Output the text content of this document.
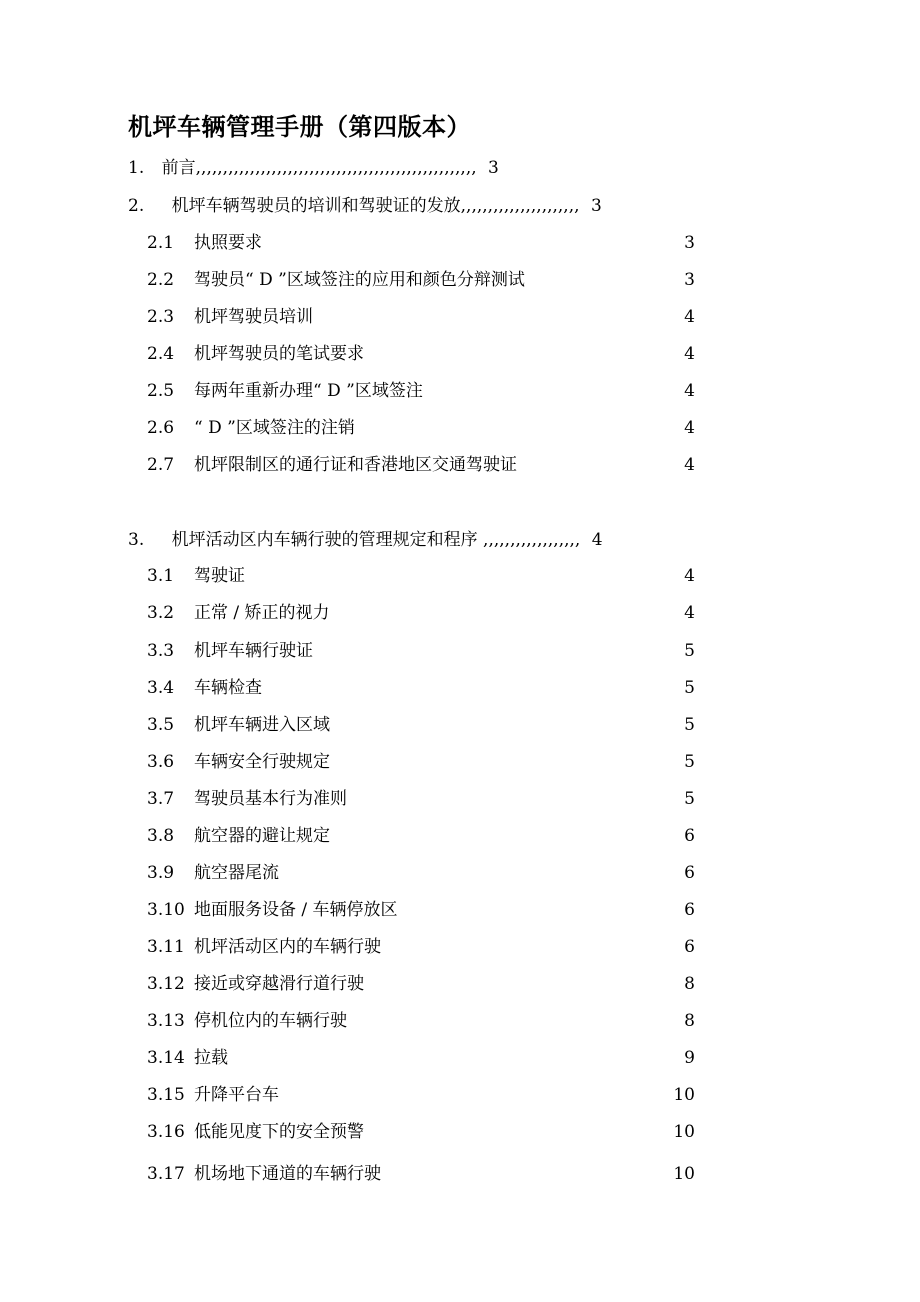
机坪车辆管理手册（第四版本）
1. 前言,,,,,,,,,,,,,,,,,,,,,,,,,,,,,,,,,,,,,,,,,,,,,,,,,,,, 3
2. 机坪车辆驾驶员的培训和驾驶证的发放,,,,,,,,,,,,,,,,,,,,,, 3
2.1 执照要求	3
2.2 驾驶员“ D ”区域签注的应用和颜色分辩测试	3
2.3 机坪驾驶员培训	4
2.4 机坪驾驶员的笔试要求	4
2.5 每两年重新办理“ D ”区域签注	4
2.6 “ D ”区域签注的注销	4
2.7 机坪限制区的通行证和香港地区交通驾驶证	4
3. 机坪活动区内车辆行驶的管理规定和程序 ,,,,,,,,,,,,,,,,,, 4
3.1 驾驶证	4
3.2 正常 / 矫正的视力	4
3.3 机坪车辆行驶证	5
3.4 车辆检查	5
3.5 机坪车辆进入区域	5
3.6 车辆安全行驶规定	5
3.7 驾驶员基本行为准则	5
3.8 航空器的避让规定	6
3.9 航空器尾流	6
3.10 地面服务设备 / 车辆停放区	6
3.11 机坪活动区内的车辆行驶	6
3.12 接近或穿越滑行道行驶	8
3.13 停机位内的车辆行驶	8
3.14 拉载	9
3.15 升降平台车	10
3.16 低能见度下的安全预警	10
3.17 机场地下通道的车辆行驶	10
